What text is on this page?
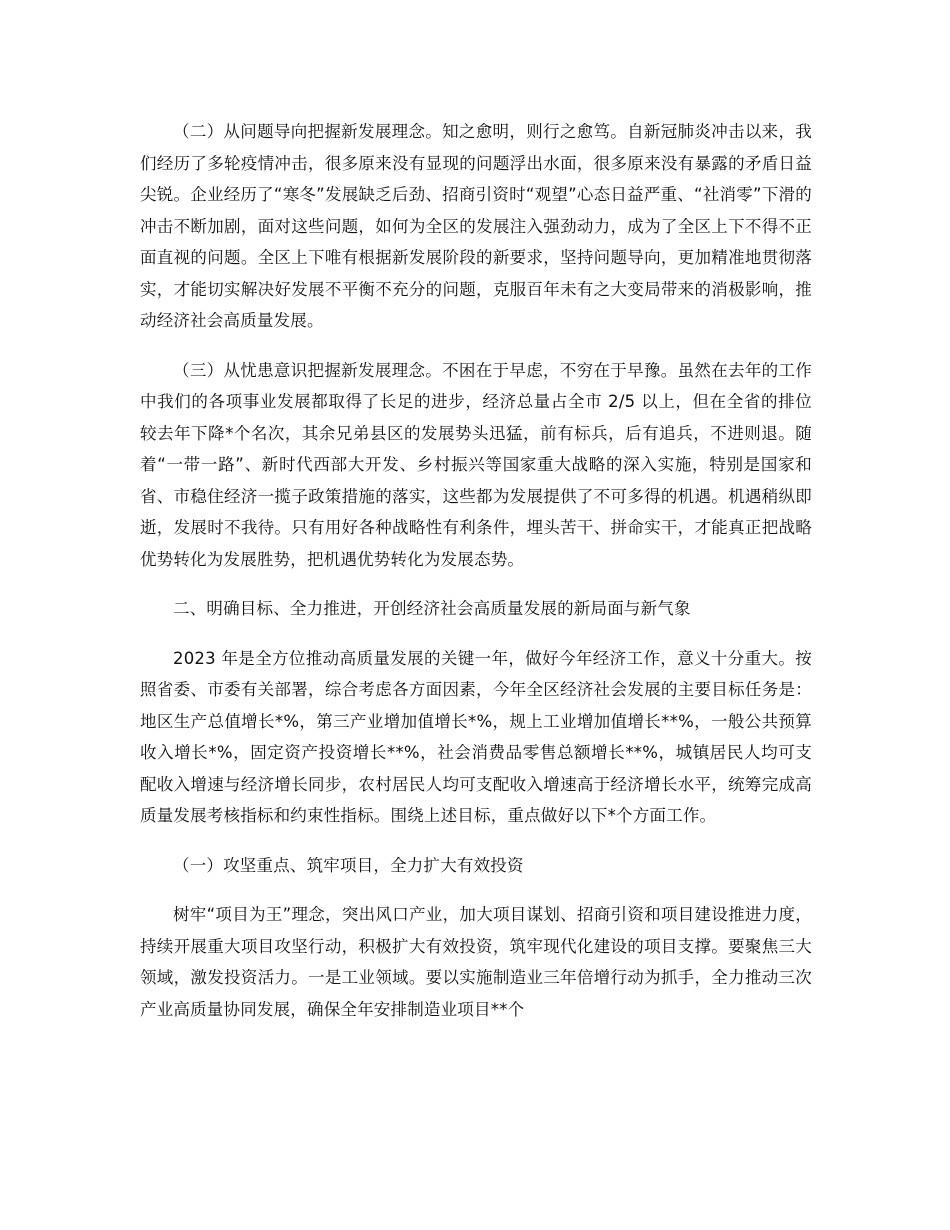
（二）从问题导向把握新发展理念。知之愈明，则行之愈笃。自新冠肺炎冲击以来，我们经历了多轮疫情冲击，很多原来没有显现的问题浮出水面，很多原来没有暴露的矛盾日益尖锐。企业经历了“寒冬”发展缺乏后劲、招商引资时“观望”心态日益严重、“社消零”下滑的冲击不断加剧，面对这些问题，如何为全区的发展注入强劲动力，成为了全区上下不得不正面直视的问题。全区上下唯有根据新发展阶段的新要求，坚持问题导向，更加精准地贯彻落实，才能切实解决好发展不平衡不充分的问题，克服百年未有之大变局带来的消极影响，推动经济社会高质量发展。

（三）从忧患意识把握新发展理念。不困在于早虑，不穷在于早豫。虽然在去年的工作中我们的各项事业发展都取得了长足的进步，经济总量占全市 2/5 以上，但在全省的排位较去年下降*个名次，其余兄弟县区的发展势头迅猛，前有标兵，后有追兵，不进则退。随着“一带一路”、新时代西部大开发、乡村振兴等国家重大战略的深入实施，特别是国家和省、市稳住经济一揽子政策措施的落实，这些都为发展提供了不可多得的机遇。机遇稍纵即逝，发展时不我待。只有用好各种战略性有利条件，埋头苦干、拼命实干，才能真正把战略优势转化为发展胜势，把机遇优势转化为发展态势。

二、明确目标、全力推进，开创经济社会高质量发展的新局面与新气象

2023 年是全方位推动高质量发展的关键一年，做好今年经济工作，意义十分重大。按照省委、市委有关部署，综合考虑各方面因素，今年全区经济社会发展的主要目标任务是：地区生产总值增长*%，第三产业增加值增长*%，规上工业增加值增长**%，一般公共预算收入增长*%，固定资产投资增长**%，社会消费品零售总额增长**%，城镇居民人均可支配收入增速与经济增长同步，农村居民人均可支配收入增速高于经济增长水平，统筹完成高质量发展考核指标和约束性指标。围绕上述目标，重点做好以下*个方面工作。

（一）攻坚重点、筑牢项目，全力扩大有效投资

树牢“项目为王”理念，突出风口产业，加大项目谋划、招商引资和项目建设推进力度，持续开展重大项目攻坚行动，积极扩大有效投资，筑牢现代化建设的项目支撑。要聚焦三大领域，激发投资活力。一是工业领域。要以实施制造业三年倍增行动为抓手，全力推动三次产业高质量协同发展，确保全年安排制造业项目**个
